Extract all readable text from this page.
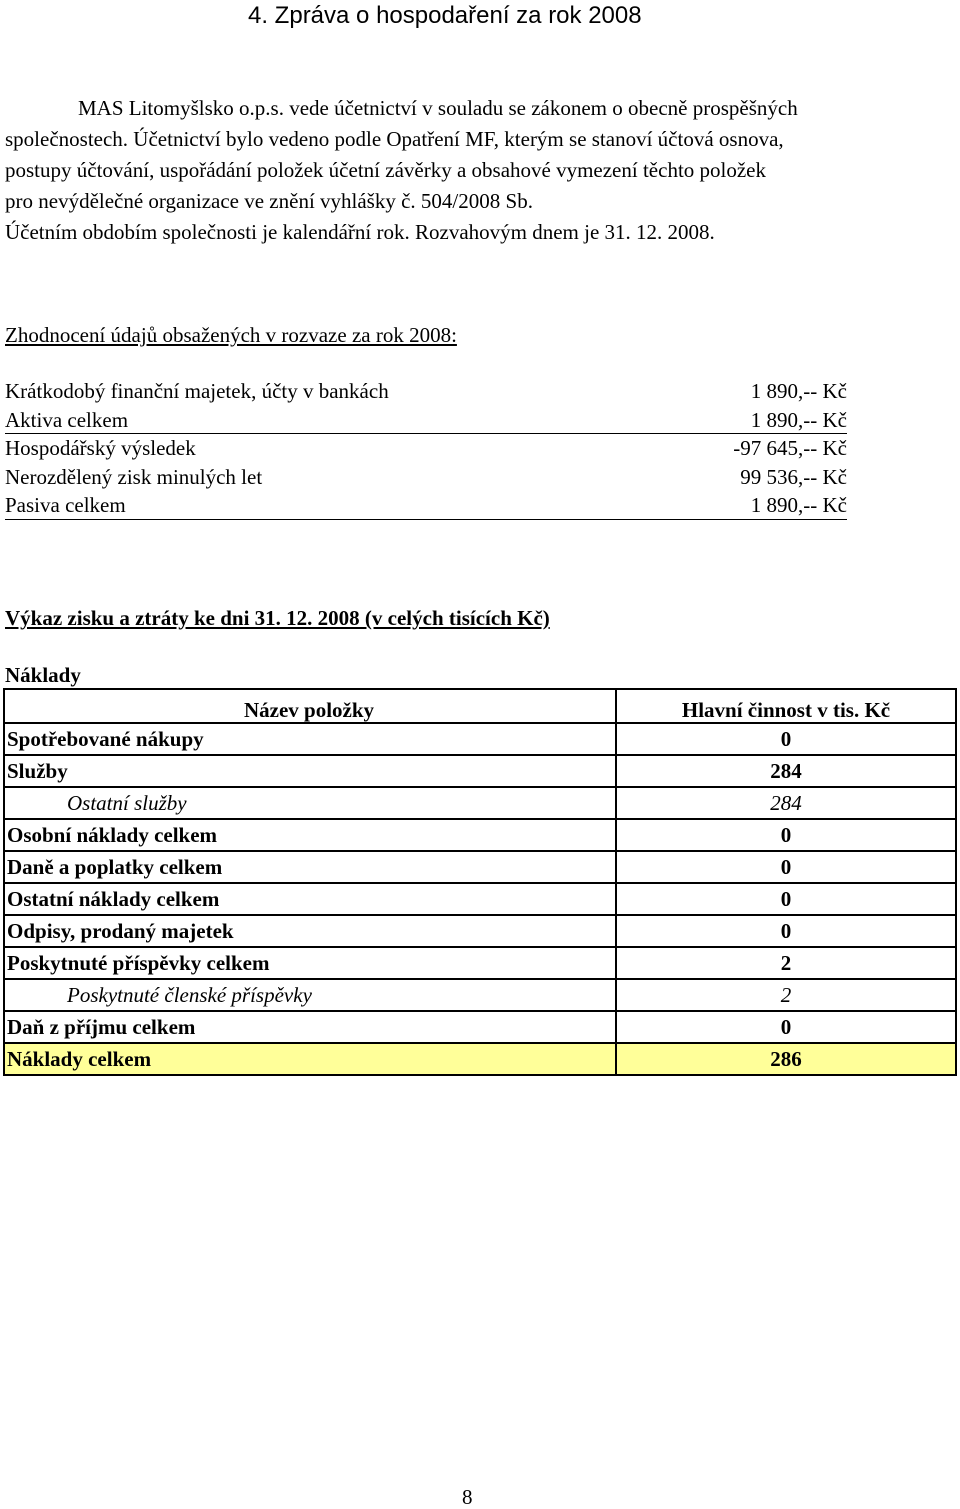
4. Zpráva o hospodaření za rok 2008
MAS Litomyšlsko o.p.s. vede účetnictví v souladu se zákonem o obecně prospěšných
společnostech. Účetnictví bylo vedeno podle Opatření MF, kterým se stanoví účtová osnova,
postupy účtování, uspořádání položek účetní závěrky a obsahové vymezení těchto položek
pro nevýdělečné organizace ve znění vyhlášky č. 504/2008 Sb.
Účetním obdobím společnosti je kalendářní rok. Rozvahovým dnem je 31. 12. 2008.
Zhodnocení údajů obsažených v rozvaze za rok 2008:
Krátkodobý finanční majetek, účty v bankách	1 890,-- Kč
Aktiva celkem	1 890,-- Kč
Hospodářský výsledek	-97 645,-- Kč
Nerozdělený zisk minulých let	99 536,-- Kč
Pasiva celkem	1 890,-- Kč
Výkaz zisku a ztráty ke dni 31. 12. 2008 (v celých tisících Kč)
Náklady
Název položky	Hlavní činnost v tis. Kč
Spotřebované nákupy	0
Služby	284
Ostatní služby	284
Osobní náklady celkem	0
Daně a poplatky celkem	0
Ostatní náklady celkem	0
Odpisy, prodaný majetek	0
Poskytnuté příspěvky celkem	2
Poskytnuté členské příspěvky	2
Daň z příjmu celkem	0
Náklady celkem	286
8
